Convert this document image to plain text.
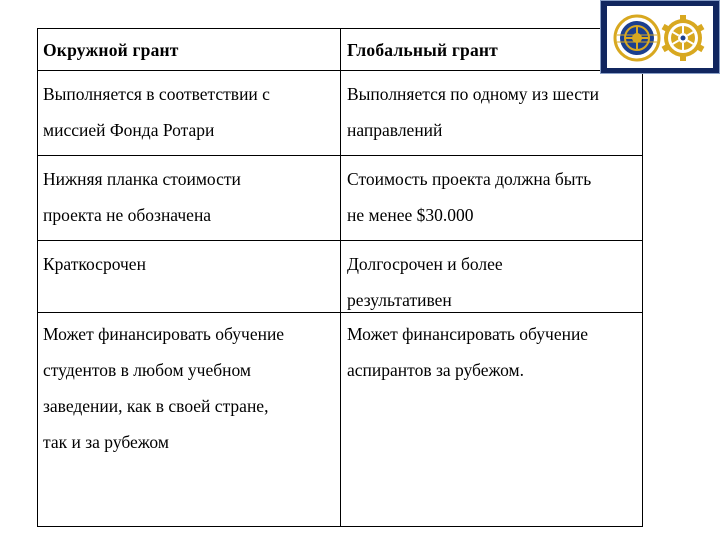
Окружной грант	Глобальный грант
Выполняется в соответствии с
миссией Фонда Ротари
Выполняется по одному из шести
направлений
Нижняя планка стоимости
проекта не обозначена
Стоимость проекта должна быть
не менее $30.000
Краткосрочен	Долгосрочен и более
результативен
Может финансировать обучение
студентов в любом учебном
заведении, как в своей стране,
так и за рубежом
Может финансировать обучение
аспирантов за рубежом.
